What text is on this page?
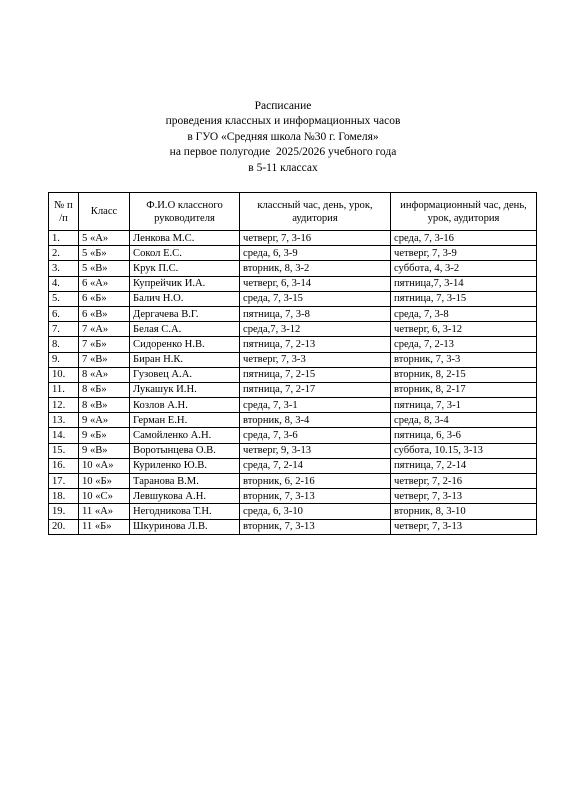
Расписание
проведения классных и информационных часов
в ГУО «Средняя школа №30 г. Гомеля»
на первое полугодие  2025/2026 учебного года
в 5-11 классах
№ п /п	Класс	Ф.И.О классного руководителя	классный час, день, урок, аудитория	информационный час, день, урок, аудитория
1.	5 «А»	Ленкова М.С.	четверг, 7, 3-16	среда, 7, 3-16
2.	5 «Б»	Сокол Е.С.	среда, 6, 3-9	четверг, 7, 3-9
3.	5 «В»	Крук П.С.	вторник, 8, 3-2	суббота, 4, 3-2
4.	6 «А»	Купрейчик И.А.	четверг, 6, 3-14	пятница,7, 3-14
5.	6 «Б»	Балич Н.О.	среда, 7, 3-15	пятница, 7, 3-15
6.	6 «В»	Дергачева В.Г.	пятница, 7, 3-8	среда, 7, 3-8
7.	7 «А»	Белая С.А.	среда,7, 3-12	четверг, 6, 3-12
8.	7 «Б»	Сидоренко Н.В.	пятница, 7, 2-13	среда, 7, 2-13
9.	7 «В»	Биран Н.К.	четверг, 7, 3-3	вторник, 7, 3-3
10.	8 «А»	Гузовец А.А.	пятница, 7, 2-15	вторник, 8, 2-15
11.	8 «Б»	Лукашук И.Н.	пятница, 7, 2-17	вторник, 8, 2-17
12.	8 «В»	Козлов А.Н.	среда, 7, 3-1	пятница, 7, 3-1
13.	9 «А»	Герман Е.Н.	вторник, 8, 3-4	среда, 8, 3-4
14.	9 «Б»	Самойленко А.Н.	среда, 7, 3-6	пятница, 6, 3-6
15.	9 «В»	Воротынцева О.В.	четверг, 9, 3-13	суббота, 10.15, 3-13
16.	10 «А»	Куриленко Ю.В.	среда, 7, 2-14	пятница, 7, 2-14
17.	10 «Б»	Таранова В.М.	вторник, 6, 2-16	четверг, 7, 2-16
18.	10 «С»	Левшукова А.Н.	вторник, 7, 3-13	четверг, 7, 3-13
19.	11 «А»	Негодникова Т.Н.	среда, 6, 3-10	вторник, 8, 3-10
20.	11 «Б»	Шкуринова Л.В.	вторник, 7, 3-13	четверг, 7, 3-13
